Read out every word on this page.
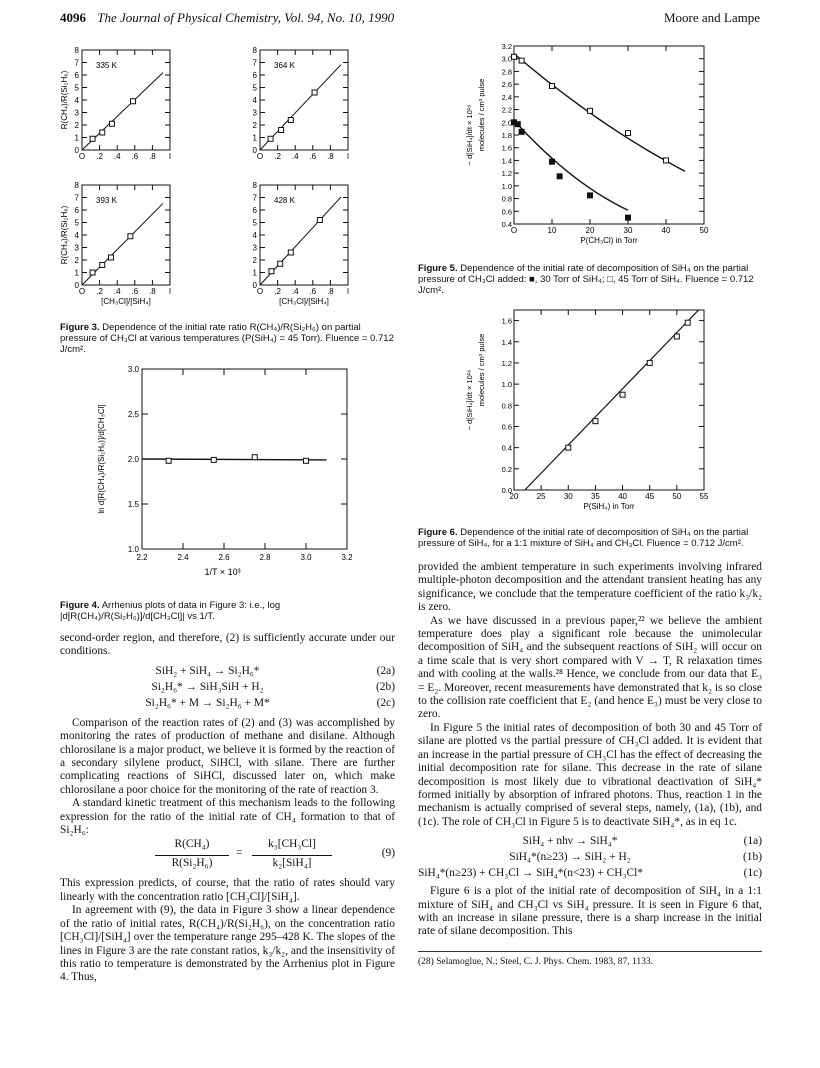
4096 The Journal of Physical Chemistry, Vol. 94, No. 10, 1990	Moore and Lampe
0
1
2
3
4
5
6
7
8
O .2 .4 .6 .8 I
335 K
R(CH₄)/R(Si₂H₆)
0
1
2
3
4
5
6
7
8
O .2 .4 .6 .8 I
364 K
0
1
2
3
4
5
6
7
8
O .2 .4 .6 .8 I
393 K
R(CH₄)/R(Si₂H₆)
[CH₃Cl]/[SiH₄]
0
1
2
3
4
5
6
7
8
O .2 .4 .6 .8 I
428 K
[CH₃Cl]/[SiH₄]
Figure 3. Dependence of the initial rate ratio R(CH₄)/R(Si₂H₆) on partial pressure of CH₃Cl at various temperatures (P(SiH₄) = 45 Torr). Fluence = 0.712 J/cm².
3.0
2.5
2.0
1.5
1.0
2.2	2.4	2.6	2.8	3.0	3.2
ln d[R(CH₄)/R(Si₂H₆)]/d[CH₃Cl]
1/T × 10³
Figure 4. Arrhenius plots of data in Figure 3: i.e., log |d[R(CH₄)/R(Si₂H₆)]/d[CH₃Cl]| vs 1/T.

second-order region, and therefore, (2) is sufficiently accurate under our conditions.

SiH₂ + SiH₄ → Si₂H₆*	(2a)
Si₂H₆* → SiH₃SiH + H₂	(2b)
Si₂H₆* + M → Si₂H₆ + M*	(2c)

Comparison of the reaction rates of (2) and (3) was accomplished by monitoring the rates of production of methane and disilane. Although chlorosilane is a major product, we believe it is formed by the reaction of a secondary silylene product, SiHCl, with silane. There are further complicating reactions of SiHCl, discussed later on, which make chlorosilane a poor choice for the monitoring of the rate of reaction 3.

A standard kinetic treatment of this mechanism leads to the following expression for the ratio of the initial rate of CH₄ formation to that of Si₂H₆:

R(CH₄)
R(Si₂H₆)
=
k₃[CH₃Cl]
k₂[SiH₄]
(9)

This expression predicts, of course, that the ratio of rates should vary linearly with the concentration ratio [CH₃Cl]/[SiH₄].

In agreement with (9), the data in Figure 3 show a linear dependence of the ratio of initial rates, R(CH₄)/R(Si₂H₆), on the concentration ratio [CH₃Cl]/[SiH₄] over the temperature range 295–428 K. The slopes of the lines in Figure 3 are the rate constant ratios, k₃/k₂, and the insensitivity of this ratio to temperature is demonstrated by the Arrhenius plot in Figure 4. Thus,

3.2
3.0
2.8
2.6
2.4
2.2
2.0
1.8
1.6
1.4
1.2
1.0
0.8
0.6
0.4
O	10	20	30	40	50
− d[SiH₄]/dt × 10¹⁶ molecules / cm³ pulse
P(CH₃Cl) in Torr
Figure 5. Dependence of the initial rate of decomposition of SiH₄ on the partial pressure of CH₃Cl added: ■, 30 Torr of SiH₄; □, 45 Torr of SiH₄. Fluence = 0.712 J/cm².
1.6
1.4
1.2
1.0
0.8
0.6
0.4
0.2
0.0
20 25 30 35 40 45 50 55
− d[SiH₄]/dt × 10¹⁶ molecules / cm³ pulse
P(SiH₄) in Torr
Figure 6. Dependence of the initial rate of decomposition of SiH₄ on the partial pressure of SiH₄, for a 1:1 mixture of SiH₄ and CH₃Cl. Fluence = 0.712 J/cm².

provided the ambient temperature in such experiments involving infrared multiple-photon decomposition and the attendant transient heating has any significance, we conclude that the temperature coefficient of the ratio k₃/k₂ is zero.

As we have discussed in a previous paper,²² we believe the ambient temperature does play a significant role because the unimolecular decomposition of SiH₄ and the subsequent reactions of SiH₂ will occur on a time scale that is very short compared with V → T, R relaxation times and with cooling at the walls.²⁸ Hence, we conclude from our data that E₃ = E₂. Moreover, recent measurements have demonstrated that k₂ is so close to the collision rate coefficient that E₂ (and hence E₃) must be very close to zero.

In Figure 5 the initial rates of decomposition of both 30 and 45 Torr of silane are plotted vs the partial pressure of CH₃Cl added. It is evident that an increase in the partial pressure of CH₃Cl has the effect of decreasing the initial decomposition rate for silane. This decrease in the rate of silane decomposition is most likely due to vibrational deactivation of SiH₄* formed initially by absorption of infrared photons. Thus, reaction 1 in the mechanism is actually comprised of several steps, namely, (1a), (1b), and (1c). The role of CH₃Cl in Figure 5 is to deactivate SiH₄*, as in eq 1c.

SiH₄ + nhν → SiH₄*	(1a)
SiH₄*(n≥23) → SiH₂ + H₂	(1b)
SiH₄*(n≥23) + CH₃Cl → SiH₄*(n<23) + CH₃Cl*	(1c)

Figure 6 is a plot of the initial rate of decomposition of SiH₄ in a 1:1 mixture of SiH₄ and CH₃Cl vs SiH₄ pressure. It is seen in Figure 6 that, with an increase in silane pressure, there is a sharp increase in the initial rate of silane decomposition. This

(28) Selamoglue, N.; Steel, C. J. Phys. Chem. 1983, 87, 1133.
